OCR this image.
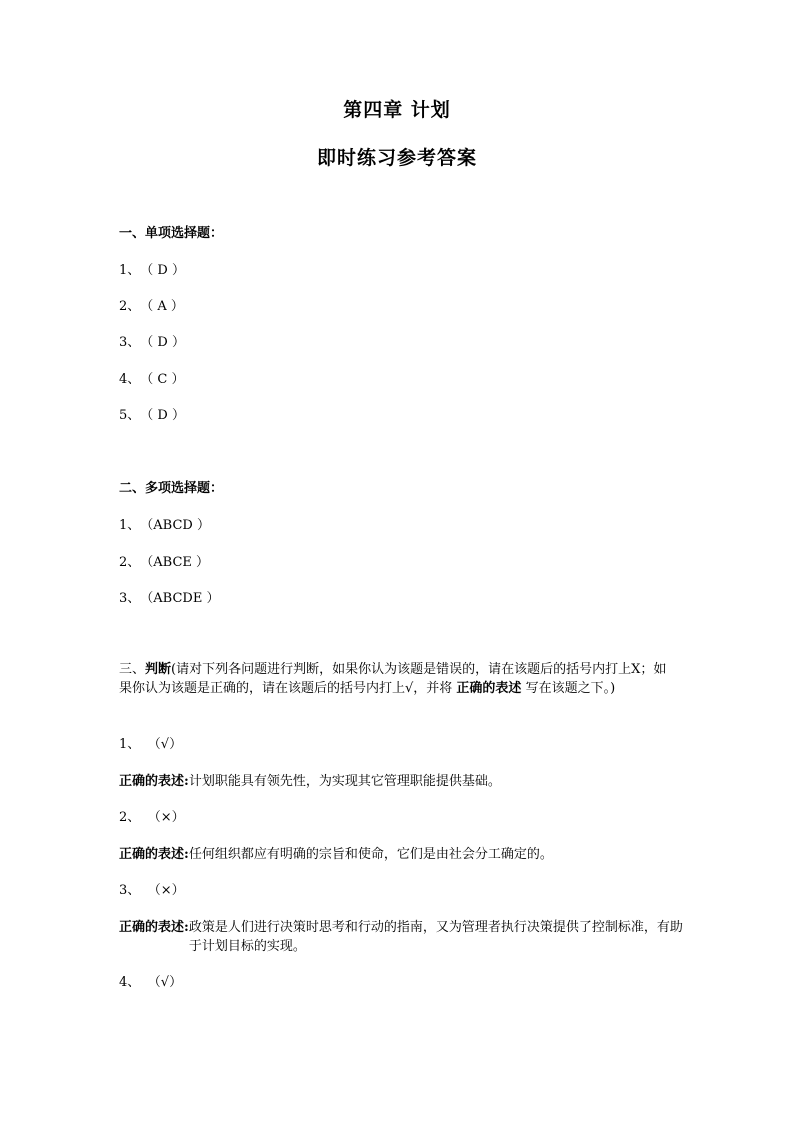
第四章 计划
即时练习参考答案
一、单项选择题：
1、（ D ）
2、（ A ）
3、（ D ）
4、（ C ）
5、（ D ）
二、多项选择题：
1、（ABCD ）
2、（ABCE ）
3、（ABCDE ）
三、判断(请对下列各问题进行判断，如果你认为该题是错误的，请在该题后的括号内打上X；如果你认为该题是正确的，请在该题后的括号内打上√，并将 正确的表述 写在该题之下。)
1、 （√）
正确的表述: 计划职能具有领先性，为实现其它管理职能提供基础。
2、 （×）
正确的表述: 任何组织都应有明确的宗旨和使命，它们是由社会分工确定的。
3、 （×）
正确的表述: 政策是人们进行决策时思考和行动的指南，又为管理者执行决策提供了控制标准，有助于计划目标的实现。
4、 （√）
